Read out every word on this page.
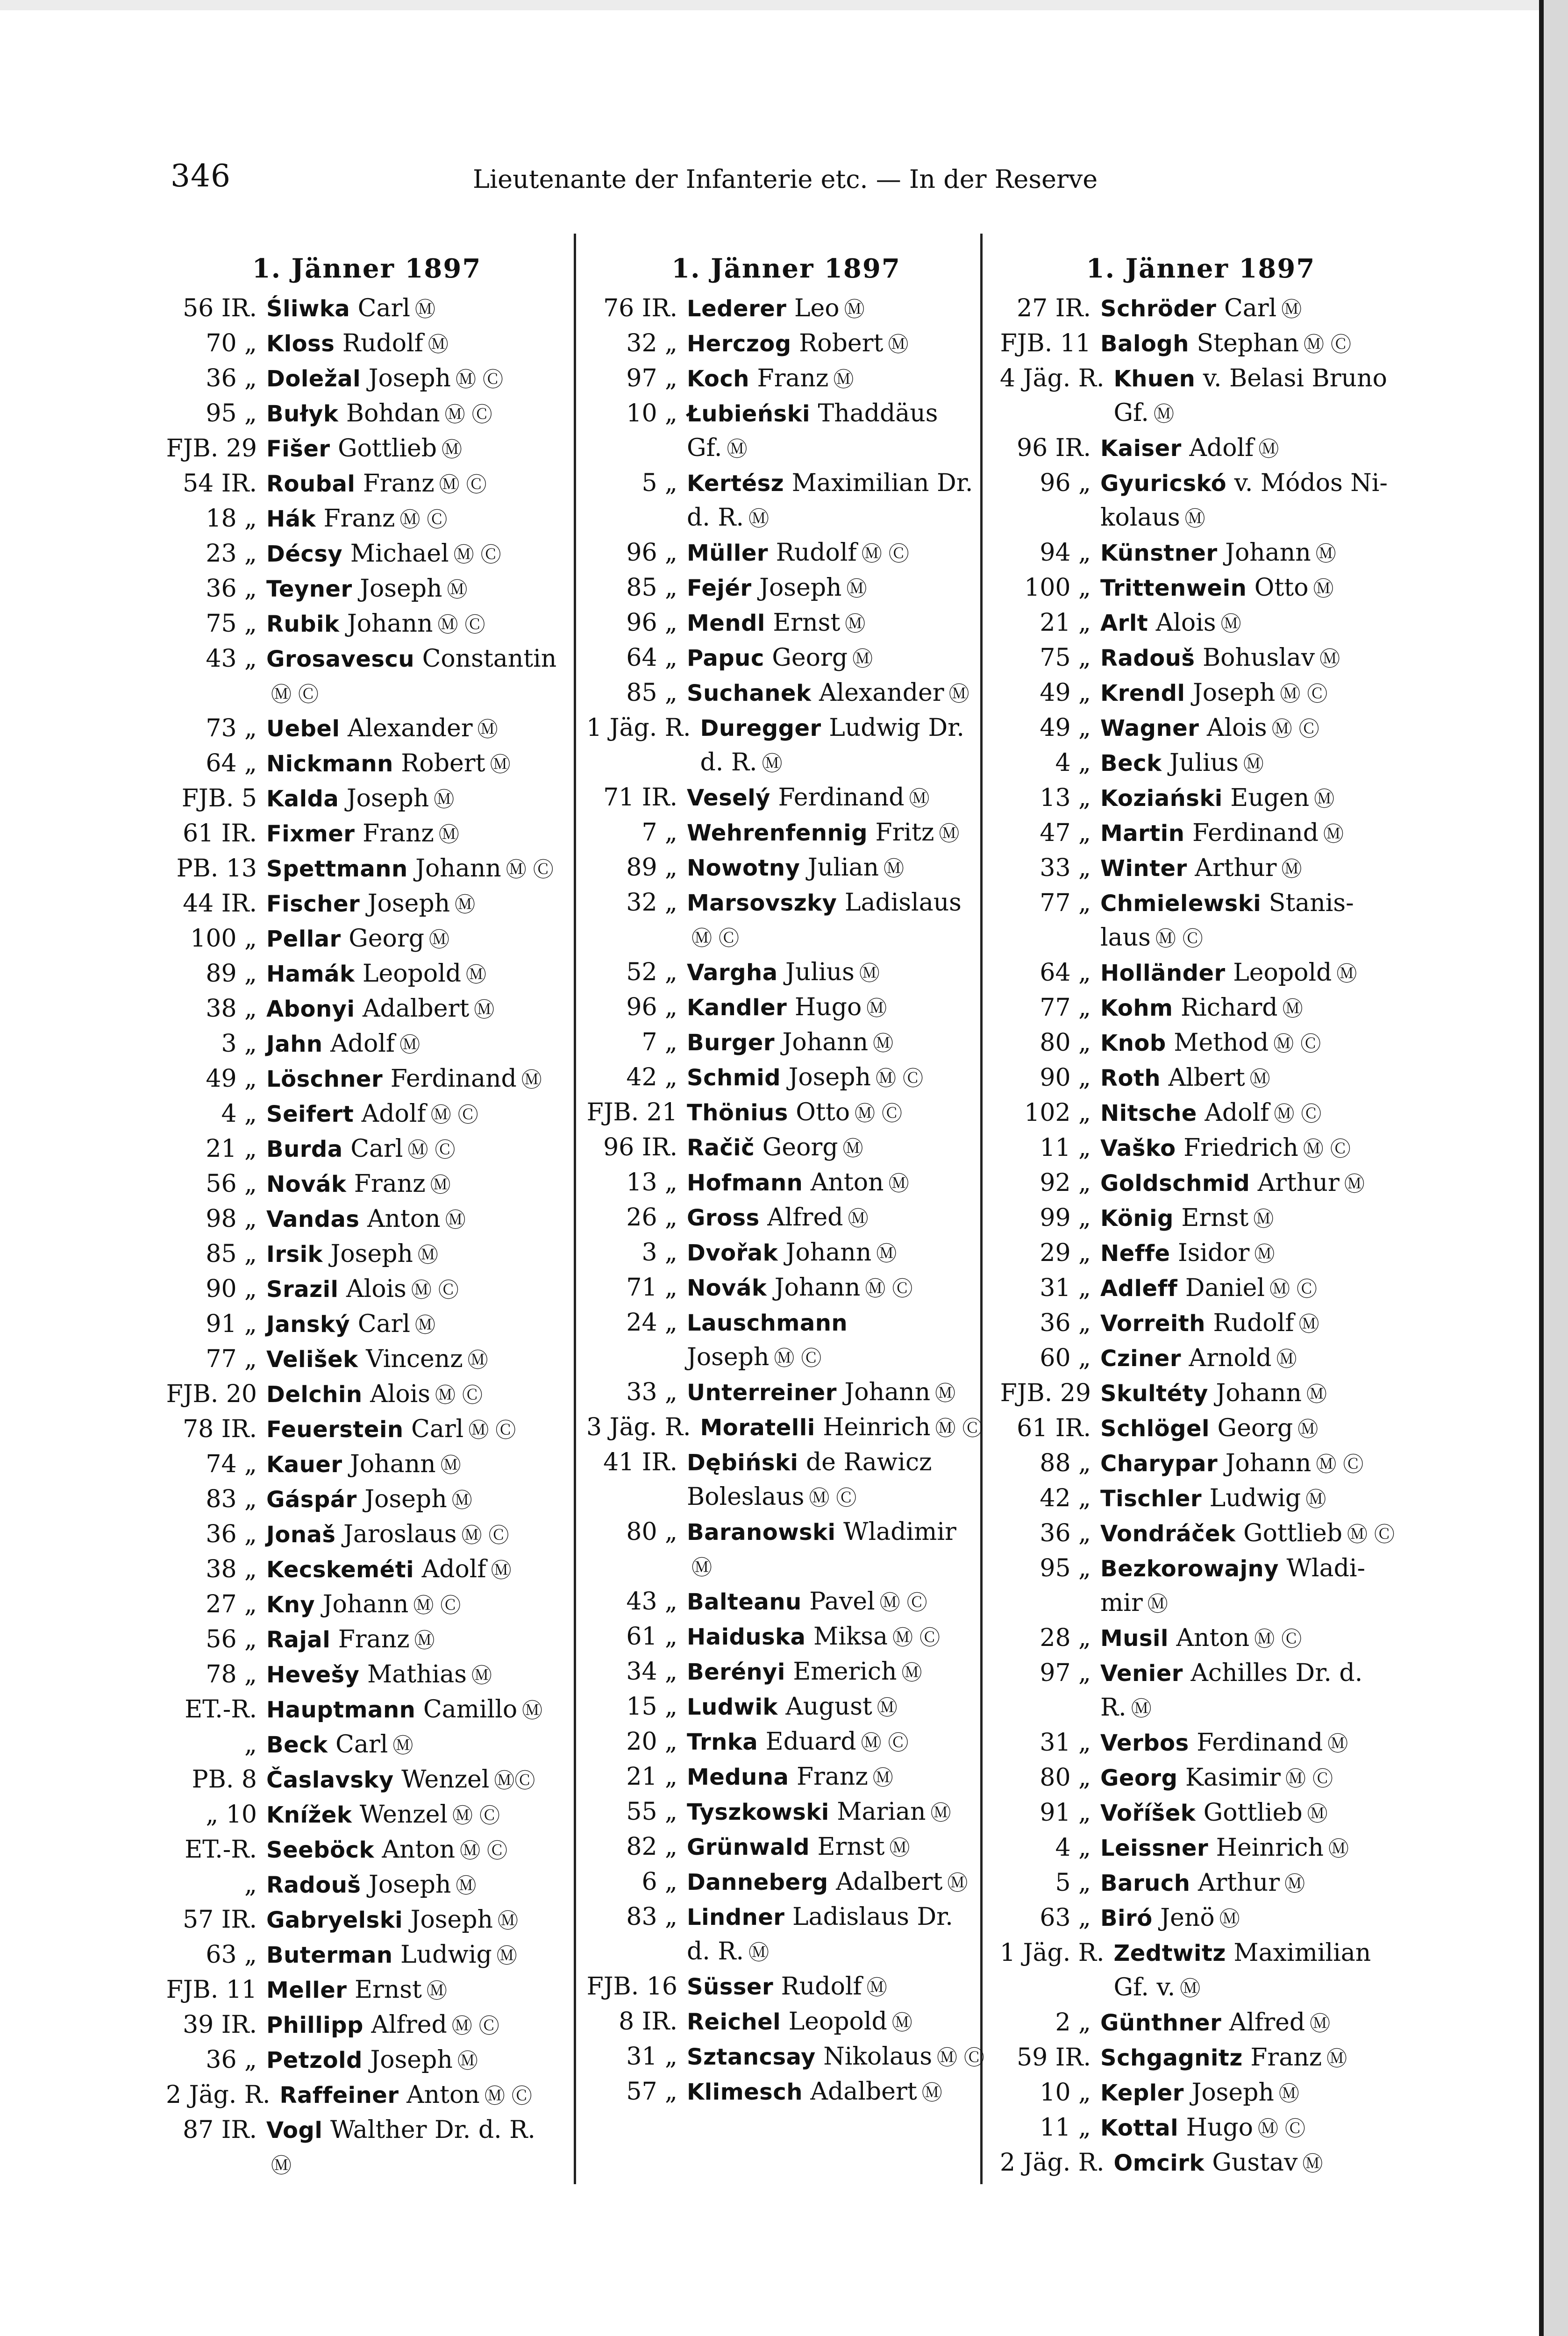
346	Lieutenante der Infanterie etc. — In der Reserve
1. Jänner 1897
56 IR. Śliwka Carl Ⓜ
70 „ Kloss Rudolf Ⓜ
36 „ Doležal Joseph Ⓜ Ⓒ
95 „ Bułyk Bohdan Ⓜ Ⓒ
FJB. 29 Fišer Gottlieb Ⓜ
54 IR. Roubal Franz Ⓜ Ⓒ
18 „ Hák Franz Ⓜ Ⓒ
23 „ Décsy Michael Ⓜ Ⓒ
36 „ Teyner Joseph Ⓜ
75 „ Rubik Johann Ⓜ Ⓒ
43 „ Grosavescu Constantin
Ⓜ Ⓒ
73 „ Uebel Alexander Ⓜ
64 „ Nickmann Robert Ⓜ
FJB. 5 Kalda Joseph Ⓜ
61 IR. Fixmer Franz Ⓜ
PB. 13 Spettmann Johann Ⓜ Ⓒ
44 IR. Fischer Joseph Ⓜ
100 „ Pellar Georg Ⓜ
89 „ Hamák Leopold Ⓜ
38 „ Abonyi Adalbert Ⓜ
3 „ Jahn Adolf Ⓜ
49 „ Löschner Ferdinand Ⓜ
4 „ Seifert Adolf Ⓜ Ⓒ
21 „ Burda Carl Ⓜ Ⓒ
56 „ Novák Franz Ⓜ
98 „ Vandas Anton Ⓜ
85 „ Irsik Joseph Ⓜ
90 „ Srazil Alois Ⓜ Ⓒ
91 „ Janský Carl Ⓜ
77 „ Velišek Vincenz Ⓜ
FJB. 20 Delchin Alois Ⓜ Ⓒ
78 IR. Feuerstein Carl Ⓜ Ⓒ
74 „ Kauer Johann Ⓜ
83 „ Gáspár Joseph Ⓜ
36 „ Jonaš Jaroslaus Ⓜ Ⓒ
38 „ Kecskeméti Adolf Ⓜ
27 „ Kny Johann Ⓜ Ⓒ
56 „ Rajal Franz Ⓜ
78 „ Hevešy Mathias Ⓜ
ET.-R. Hauptmann Camillo Ⓜ
„ Beck Carl Ⓜ
PB. 8 Časlavsky Wenzel ⓂⒸ
„ 10 Knížek Wenzel Ⓜ Ⓒ
ET.-R. Seeböck Anton Ⓜ Ⓒ
„ Radouš Joseph Ⓜ
57 IR. Gabryelski Joseph Ⓜ
63 „ Buterman Ludwig Ⓜ
FJB. 11 Meller Ernst Ⓜ
39 IR. Phillipp Alfred Ⓜ Ⓒ
36 „ Petzold Joseph Ⓜ
2 Jäg. R. Raffeiner Anton Ⓜ Ⓒ
87 IR. Vogl Walther Dr. d. R.
Ⓜ
1. Jänner 1897
76 IR. Lederer Leo Ⓜ
32 „ Herczog Robert Ⓜ
97 „ Koch Franz Ⓜ
10 „ Łubieński Thaddäus
Gf. Ⓜ
5 „ Kertész Maximilian Dr.
d. R. Ⓜ
96 „ Müller Rudolf Ⓜ Ⓒ
85 „ Fejér Joseph Ⓜ
96 „ Mendl Ernst Ⓜ
64 „ Papuc Georg Ⓜ
85 „ Suchanek Alexander Ⓜ
1 Jäg. R. Duregger Ludwig Dr.
d. R. Ⓜ
71 IR. Veselý Ferdinand Ⓜ
7 „ Wehrenfennig Fritz Ⓜ
89 „ Nowotny Julian Ⓜ
32 „ Marsovszky Ladislaus
Ⓜ Ⓒ
52 „ Vargha Julius Ⓜ
96 „ Kandler Hugo Ⓜ
7 „ Burger Johann Ⓜ
42 „ Schmid Joseph Ⓜ Ⓒ
FJB. 21 Thönius Otto Ⓜ Ⓒ
96 IR. Račič Georg Ⓜ
13 „ Hofmann Anton Ⓜ
26 „ Gross Alfred Ⓜ
3 „ Dvořak Johann Ⓜ
71 „ Novák Johann Ⓜ Ⓒ
24 „ Lauschmann Joseph Ⓜ Ⓒ
33 „ Unterreiner Johann Ⓜ
3 Jäg. R. Moratelli Heinrich Ⓜ Ⓒ
41 IR. Dębiński de Rawicz
Boleslaus Ⓜ Ⓒ
80 „ Baranowski Wladimir
Ⓜ
43 „ Balteanu Pavel Ⓜ Ⓒ
61 „ Haiduska Miksa Ⓜ Ⓒ
34 „ Berényi Emerich Ⓜ
15 „ Ludwik August Ⓜ
20 „ Trnka Eduard Ⓜ Ⓒ
21 „ Meduna Franz Ⓜ
55 „ Tyszkowski Marian Ⓜ
82 „ Grünwald Ernst Ⓜ
6 „ Danneberg Adalbert Ⓜ
83 „ Lindner Ladislaus Dr.
d. R. Ⓜ
FJB. 16 Süsser Rudolf Ⓜ
8 IR. Reichel Leopold Ⓜ
31 „ Sztancsay Nikolaus Ⓜ Ⓒ
57 „ Klimesch Adalbert Ⓜ
1. Jänner 1897
27 IR. Schröder Carl Ⓜ
FJB. 11 Balogh Stephan Ⓜ Ⓒ
4 Jäg. R. Khuen v. Belasi Bruno
Gf. Ⓜ
96 IR. Kaiser Adolf Ⓜ
96 „ Gyuricskó v. Módos Ni-
kolaus Ⓜ
94 „ Künstner Johann Ⓜ
100 „ Trittenwein Otto Ⓜ
21 „ Arlt Alois Ⓜ
75 „ Radouš Bohuslav Ⓜ
49 „ Krendl Joseph Ⓜ Ⓒ
49 „ Wagner Alois Ⓜ Ⓒ
4 „ Beck Julius Ⓜ
13 „ Koziański Eugen Ⓜ
47 „ Martin Ferdinand Ⓜ
33 „ Winter Arthur Ⓜ
77 „ Chmielewski Stanis-
laus Ⓜ Ⓒ
64 „ Holländer Leopold Ⓜ
77 „ Kohm Richard Ⓜ
80 „ Knob Method Ⓜ Ⓒ
90 „ Roth Albert Ⓜ
102 „ Nitsche Adolf Ⓜ Ⓒ
11 „ Vaško Friedrich Ⓜ Ⓒ
92 „ Goldschmid Arthur Ⓜ
99 „ König Ernst Ⓜ
29 „ Neffe Isidor Ⓜ
31 „ Adleff Daniel Ⓜ Ⓒ
36 „ Vorreith Rudolf Ⓜ
60 „ Cziner Arnold Ⓜ
FJB. 29 Skultéty Johann Ⓜ
61 IR. Schlögel Georg Ⓜ
88 „ Charypar Johann Ⓜ Ⓒ
42 „ Tischler Ludwig Ⓜ
36 „ Vondráček Gottlieb Ⓜ Ⓒ
95 „ Bezkorowajny Wladi-
mir Ⓜ
28 „ Musil Anton Ⓜ Ⓒ
97 „ Venier Achilles Dr. d.
R. Ⓜ
31 „ Verbos Ferdinand Ⓜ
80 „ Georg Kasimir Ⓜ Ⓒ
91 „ Voříšek Gottlieb Ⓜ
4 „ Leissner Heinrich Ⓜ
5 „ Baruch Arthur Ⓜ
63 „ Biró Jenö Ⓜ
1 Jäg. R. Zedtwitz Maximilian
Gf. v. Ⓜ
2 „ Günthner Alfred Ⓜ
59 IR. Schgagnitz Franz Ⓜ
10 „ Kepler Joseph Ⓜ
11 „ Kottal Hugo Ⓜ Ⓒ
2 Jäg. R. Omcirk Gustav Ⓜ
